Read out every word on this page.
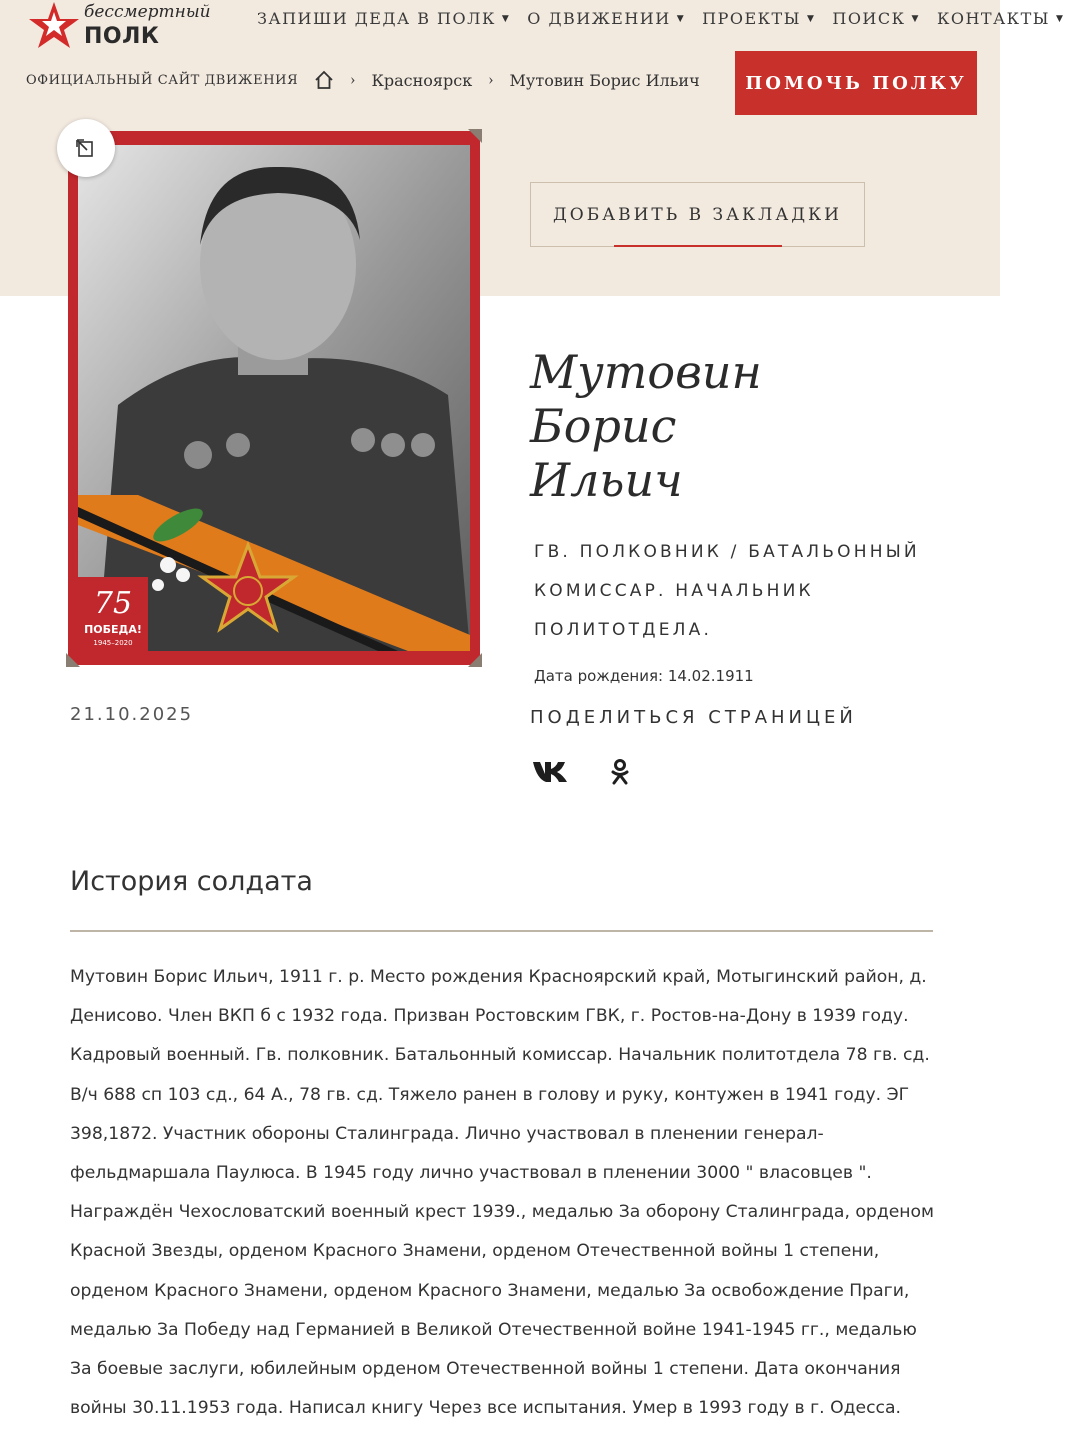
бессмертный
ПОЛК
ЗАПИШИ ДЕДА В ПОЛК ▼ О ДВИЖЕНИИ ▼ ПРОЕКТЫ ▼ ПОИСК ▼ КОНТАКТЫ ▼
ОФИЦИАЛЬНЫЙ САЙТ ДВИЖЕНИЯ	› Красноярск › Мутовин Борис Ильич	ПОМОЧЬ ПОЛКУ
75
ПОБЕДА!
1945–2020
21.10.2025
ДОБАВИТЬ В ЗАКЛАДКИ
Мутовин
Борис
Ильич
ГВ. ПОЛКОВНИК / БАТАЛЬОННЫЙ КОМИССАР. НАЧАЛЬНИК ПОЛИТОТДЕЛА.
Дата рождения: 14.02.1911
ПОДЕЛИТЬСЯ СТРАНИЦЕЙ
История солдата
Мутовин Борис Ильич, 1911 г. р. Место рождения Красноярский край, Мотыгинский район, д. Денисово. Член ВКП б с 1932 года. Призван Ростовским ГВК, г. Ростов-на-Дону в 1939 году. Кадровый военный. Гв. полковник. Батальонный комиссар. Начальник политотдела 78 гв. сд. В/ч 688 сп 103 сд., 64 А., 78 гв. сд. Тяжело ранен в голову и руку, контужен в 1941 году. ЭГ 398,1872. Участник обороны Сталинграда. Лично участвовал в пленении генерал-фельдмаршала Паулюса. В 1945 году лично участвовал в пленении 3000 " власовцев ". Награждён Чехословатский военный крест 1939., медалью За оборону Сталинграда, орденом Красной Звезды, орденом Красного Знамени, орденом Отечественной войны 1 степени, орденом Красного Знамени, орденом Красного Знамени, медалью За освобождение Праги, медалью За Победу над Германией в Великой Отечественной войне 1941-1945 гг., медалью За боевые заслуги, юбилейным орденом Отечественной войны 1 степени. Дата окончания войны 30.11.1953 года. Написал книгу Через все испытания. Умер в 1993 году в г. Одесса.
